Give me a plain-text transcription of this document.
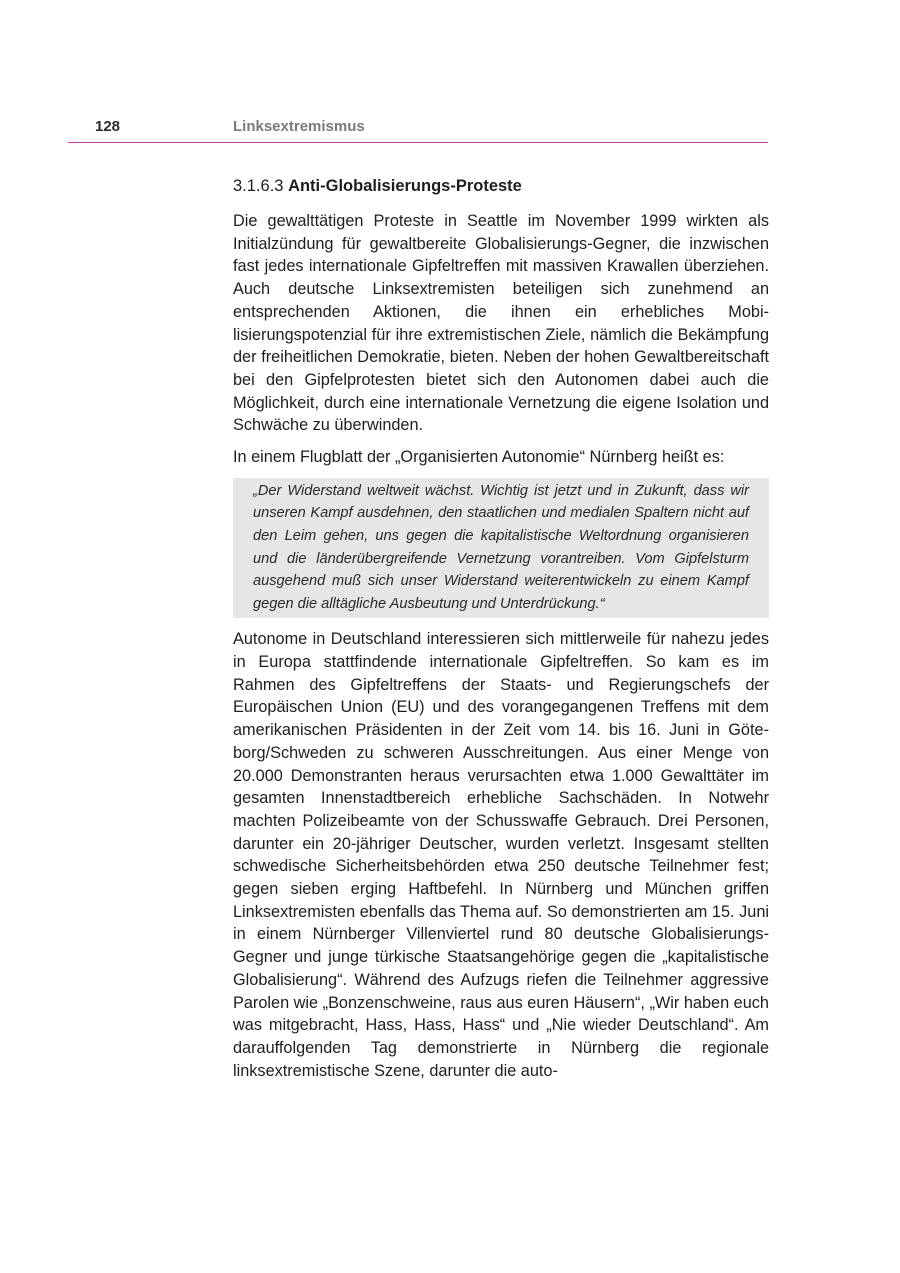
128	Linksextremismus
3.1.6.3 Anti-Globalisierungs-Proteste

Die gewalttätigen Proteste in Seattle im November 1999 wirkten als Initialzündung für gewaltbereite Globalisierungs-Gegner, die inzwischen fast jedes internationale Gipfeltreffen mit massiven Krawallen überziehen. Auch deutsche Linksextremisten beteiligen sich zunehmend an entsprechenden Aktionen, die ihnen ein erhebliches Mobilisierungspotenzial für ihre extremistischen Ziele, nämlich die Bekämpfung der freiheitlichen Demokratie, bieten. Neben der hohen Gewaltbereitschaft bei den Gipfelprotesten bietet sich den Autonomen dabei auch die Möglichkeit, durch eine internationale Vernetzung die eigene Isolation und Schwäche zu überwinden.

In einem Flugblatt der „Organisierten Autonomie“ Nürnberg heißt es:

„Der Widerstand weltweit wächst. Wichtig ist jetzt und in Zukunft, dass wir unseren Kampf ausdehnen, den staatlichen und medialen Spaltern nicht auf den Leim gehen, uns gegen die kapitalistische Weltordnung organisieren und die länderübergreifende Vernetzung vorantreiben. Vom Gipfelsturm ausgehend muß sich unser Widerstand weiterentwickeln zu einem Kampf gegen die alltägliche Ausbeutung und Unterdrückung.“

Autonome in Deutschland interessieren sich mittlerweile für nahezu jedes in Europa stattfindende internationale Gipfeltreffen. So kam es im Rahmen des Gipfeltreffens der Staats- und Regierungschefs der Europäischen Union (EU) und des vorangegangenen Treffens mit dem amerikanischen Präsidenten in der Zeit vom 14. bis 16. Juni in Göteborg/Schweden zu schweren Ausschreitungen. Aus einer Menge von 20.000 Demonstranten heraus verursachten etwa 1.000 Gewalttäter im gesamten Innenstadtbereich erhebliche Sachschäden. In Notwehr machten Polizeibeamte von der Schusswaffe Gebrauch. Drei Personen, darunter ein 20-jähriger Deutscher, wurden verletzt. Insgesamt stellten schwedische Sicherheitsbehörden etwa 250 deutsche Teilnehmer fest; gegen sieben erging Haftbefehl. In Nürnberg und München griffen Linksextremisten ebenfalls das Thema auf. So demonstrierten am 15. Juni in einem Nürnberger Villenviertel rund 80 deutsche Globalisierungs-Gegner und junge türkische Staatsangehörige gegen die „kapitalistische Globalisierung“. Während des Aufzugs riefen die Teilnehmer aggressive Parolen wie „Bonzenschweine, raus aus euren Häusern“, „Wir haben euch was mitgebracht, Hass, Hass, Hass“ und „Nie wieder Deutschland“. Am darauffolgenden Tag demonstrierte in Nürnberg die regionale linksextremistische Szene, darunter die auto-
